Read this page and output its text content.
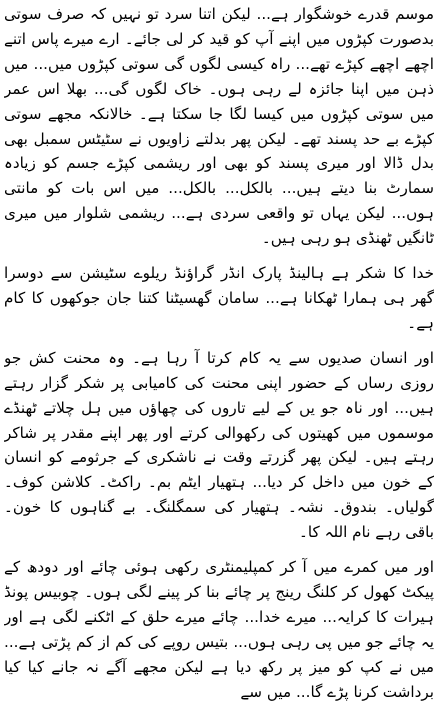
موسم قدرے خوشگوار ہے... لیکن اتنا سرد تو نہیں کہ صرف سوتی بدصورت کپڑوں میں اپنے آپ کو قید کر لی جائے۔ ارے میرے پاس اتنے اچھے اچھے کپڑے تھے... راہ کیسی لگوں گی سوتی کپڑوں میں... میں ذہن میں اپنا جائزہ لے رہی ہوں۔ خاک لگوں گی... بھلا اس عمر میں سوتی کپڑوں میں کیسا لگا جا سکتا ہے۔ خالانکہ مجھے سوتی کپڑے بے حد پسند تھے۔ لیکن پھر بدلتے زاویوں نے سٹیٹس سمبل بھی بدل ڈالا اور میری پسند کو بھی اور ریشمی کپڑے جسم کو زیادہ سمارٹ بنا دیتے ہیں... بالکل... بالکل... میں اس بات کو مانتی ہوں... لیکن یہاں تو واقعی سردی ہے... ریشمی شلوار میں میری ٹانگیں ٹھنڈی ہو رہی ہیں۔

خدا کا شکر ہے ہالینڈ پارک انڈر گراؤنڈ ریلوے سٹیشن سے دوسرا گھر ہی ہمارا ٹھکانا ہے... سامان گھسیٹنا کتنا جان جوکھوں کا کام ہے۔

اور انسان صدیوں سے یہ کام کرتا آ رہا ہے۔ وہ محنت کش جو روزی رساں کے حضور اپنی محنت کی کامیابی پر شکر گزار رہتے ہیں... اور ناہ جو یں کے لیے تاروں کی چھاؤں میں ہل چلاتے ٹھنڈے موسموں میں کھیتوں کی رکھوالی کرتے اور پھر اپنے مقدر پر شاکر رہتے ہیں۔ لیکن پھر گزرتے وقت نے ناشکری کے جرثومے کو انسان کے خون میں داخل کر دیا... ہتھیار ایٹم بم۔ راکٹ۔ کلاشن کوف۔ گولیاں۔ بندوق۔ نشہ۔ ہتھیار کی سمگلنگ۔ بے گناہوں کا خون۔ باقی رہے نام اللہ کا۔

اور میں کمرے میں آ کر کمپلیمنٹری رکھی ہوئی چائے اور دودھ کے پیکٹ کھول کر کلنگ رینج پر چائے بنا کر پینے لگی ہوں۔ چوبیس پونڈ ہیرات کا کرایہ... میرے خدا... چائے میرے حلق کے اٹکنے لگی ہے اور یہ چائے جو میں پی رہی ہوں... بتیس روپے کی کم از کم پڑتی ہے... میں نے کپ کو میز پر رکھ دیا ہے لیکن مجھے آگے نہ جانے کیا کیا برداشت کرنا پڑے گا... میں سے
